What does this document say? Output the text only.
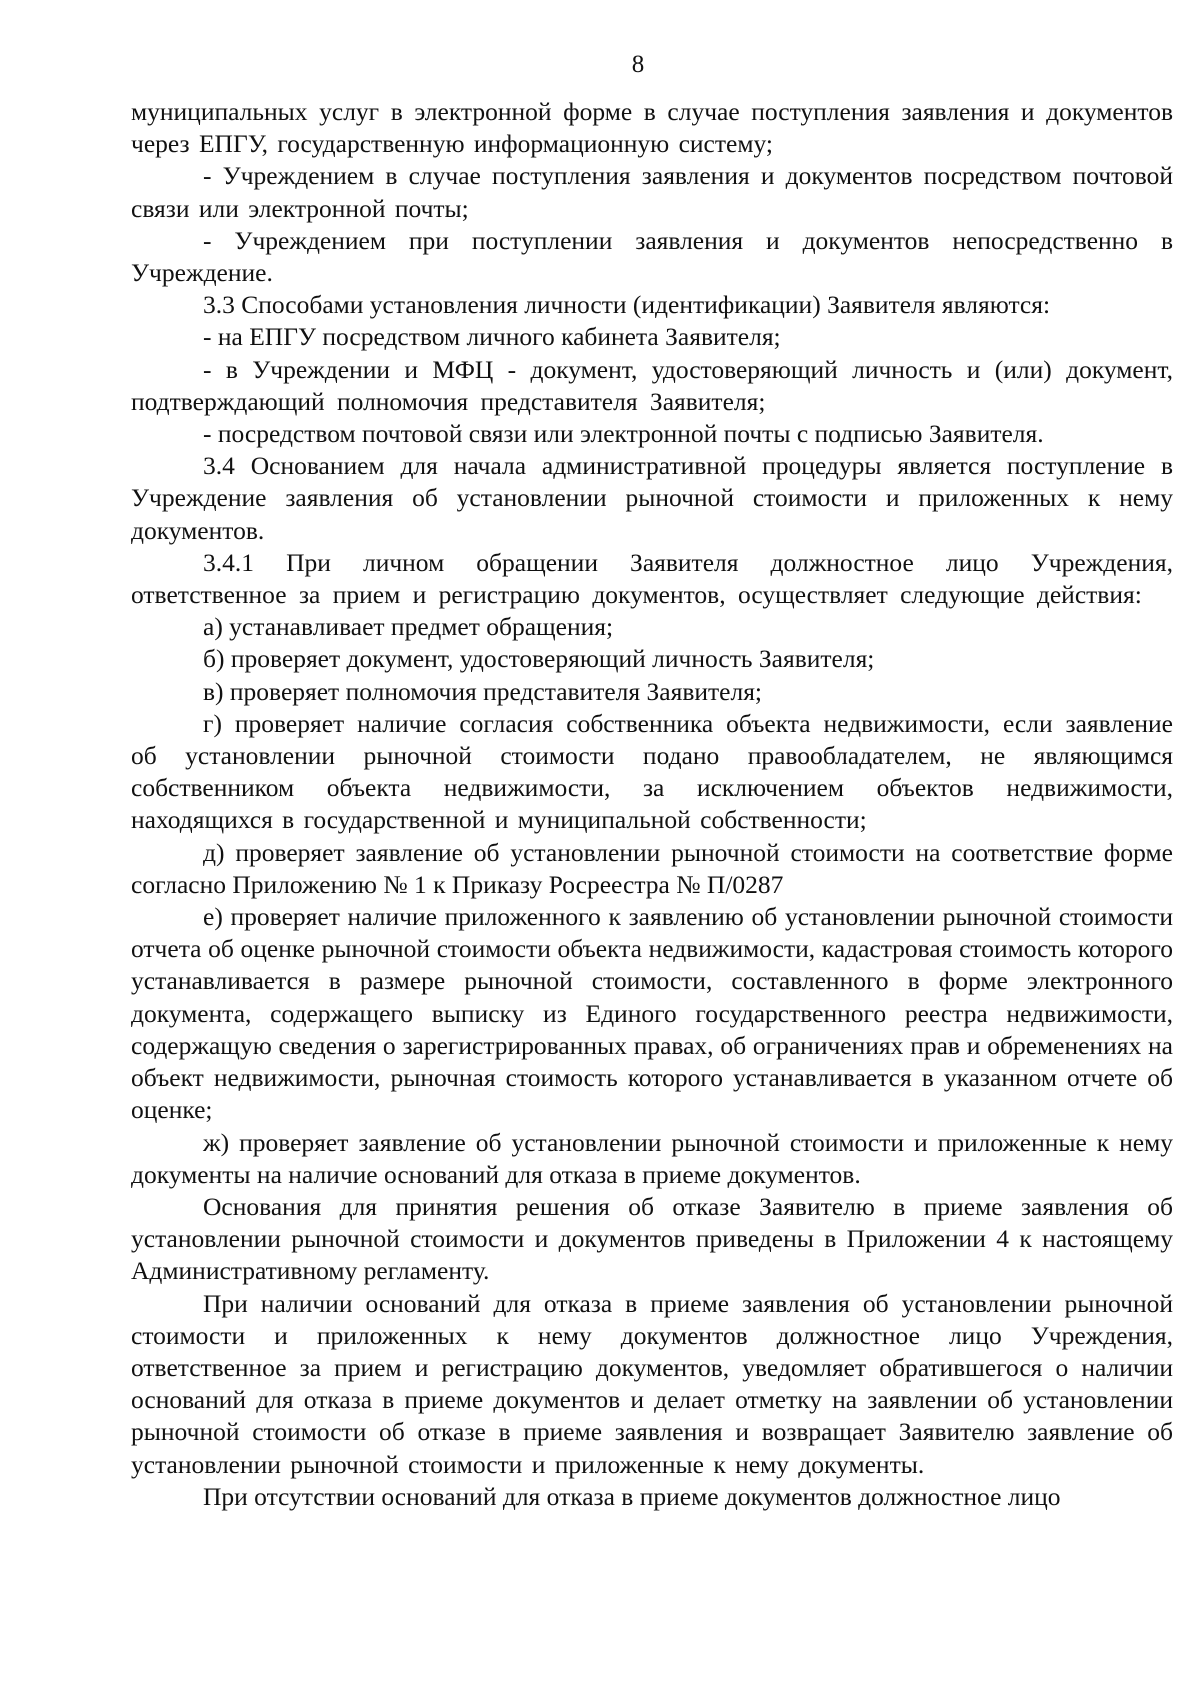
8

муниципальных услуг в электронной форме в случае поступления заявления и документов через ЕПГУ, государственную информационную систему;

- Учреждением в случае поступления заявления и документов посредством почтовой связи или электронной почты;

- Учреждением при поступлении заявления и документов непосредственно в Учреждение.

3.3 Способами установления личности (идентификации) Заявителя являются:

- на ЕПГУ посредством личного кабинета Заявителя;

- в Учреждении и МФЦ - документ, удостоверяющий личность и (или) документ, подтверждающий полномочия представителя Заявителя;

- посредством почтовой связи или электронной почты с подписью Заявителя.

3.4 Основанием для начала административной процедуры является поступление в Учреждение заявления об установлении рыночной стоимости и приложенных к нему документов.

3.4.1 При личном обращении Заявителя должностное лицо Учреждения, ответственное за прием и регистрацию документов, осуществляет следующие действия:

а) устанавливает предмет обращения;

б) проверяет документ, удостоверяющий личность Заявителя;

в) проверяет полномочия представителя Заявителя;

г) проверяет наличие согласия собственника объекта недвижимости, если заявление об установлении рыночной стоимости подано правообладателем, не являющимся собственником объекта недвижимости, за исключением объектов недвижимости, находящихся в государственной и муниципальной собственности;

д) проверяет заявление об установлении рыночной стоимости на соответствие форме согласно Приложению № 1 к Приказу Росреестра № П/0287

е) проверяет наличие приложенного к заявлению об установлении рыночной стоимости отчета об оценке рыночной стоимости объекта недвижимости, кадастровая стоимость которого устанавливается в размере рыночной стоимости, составленного в форме электронного документа, содержащего выписку из Единого государственного реестра недвижимости, содержащую сведения о зарегистрированных правах, об ограничениях прав и обременениях на объект недвижимости, рыночная стоимость которого устанавливается в указанном отчете об оценке;

ж) проверяет заявление об установлении рыночной стоимости и приложенные к нему документы на наличие оснований для отказа в приеме документов.

Основания для принятия решения об отказе Заявителю в приеме заявления об установлении рыночной стоимости и документов приведены в Приложении 4 к настоящему Административному регламенту.

При наличии оснований для отказа в приеме заявления об установлении рыночной стоимости и приложенных к нему документов должностное лицо Учреждения, ответственное за прием и регистрацию документов, уведомляет обратившегося о наличии оснований для отказа в приеме документов и делает отметку на заявлении об установлении рыночной стоимости об отказе в приеме заявления и возвращает Заявителю заявление об установлении рыночной стоимости и приложенные к нему документы.

При отсутствии оснований для отказа в приеме документов должностное лицо
